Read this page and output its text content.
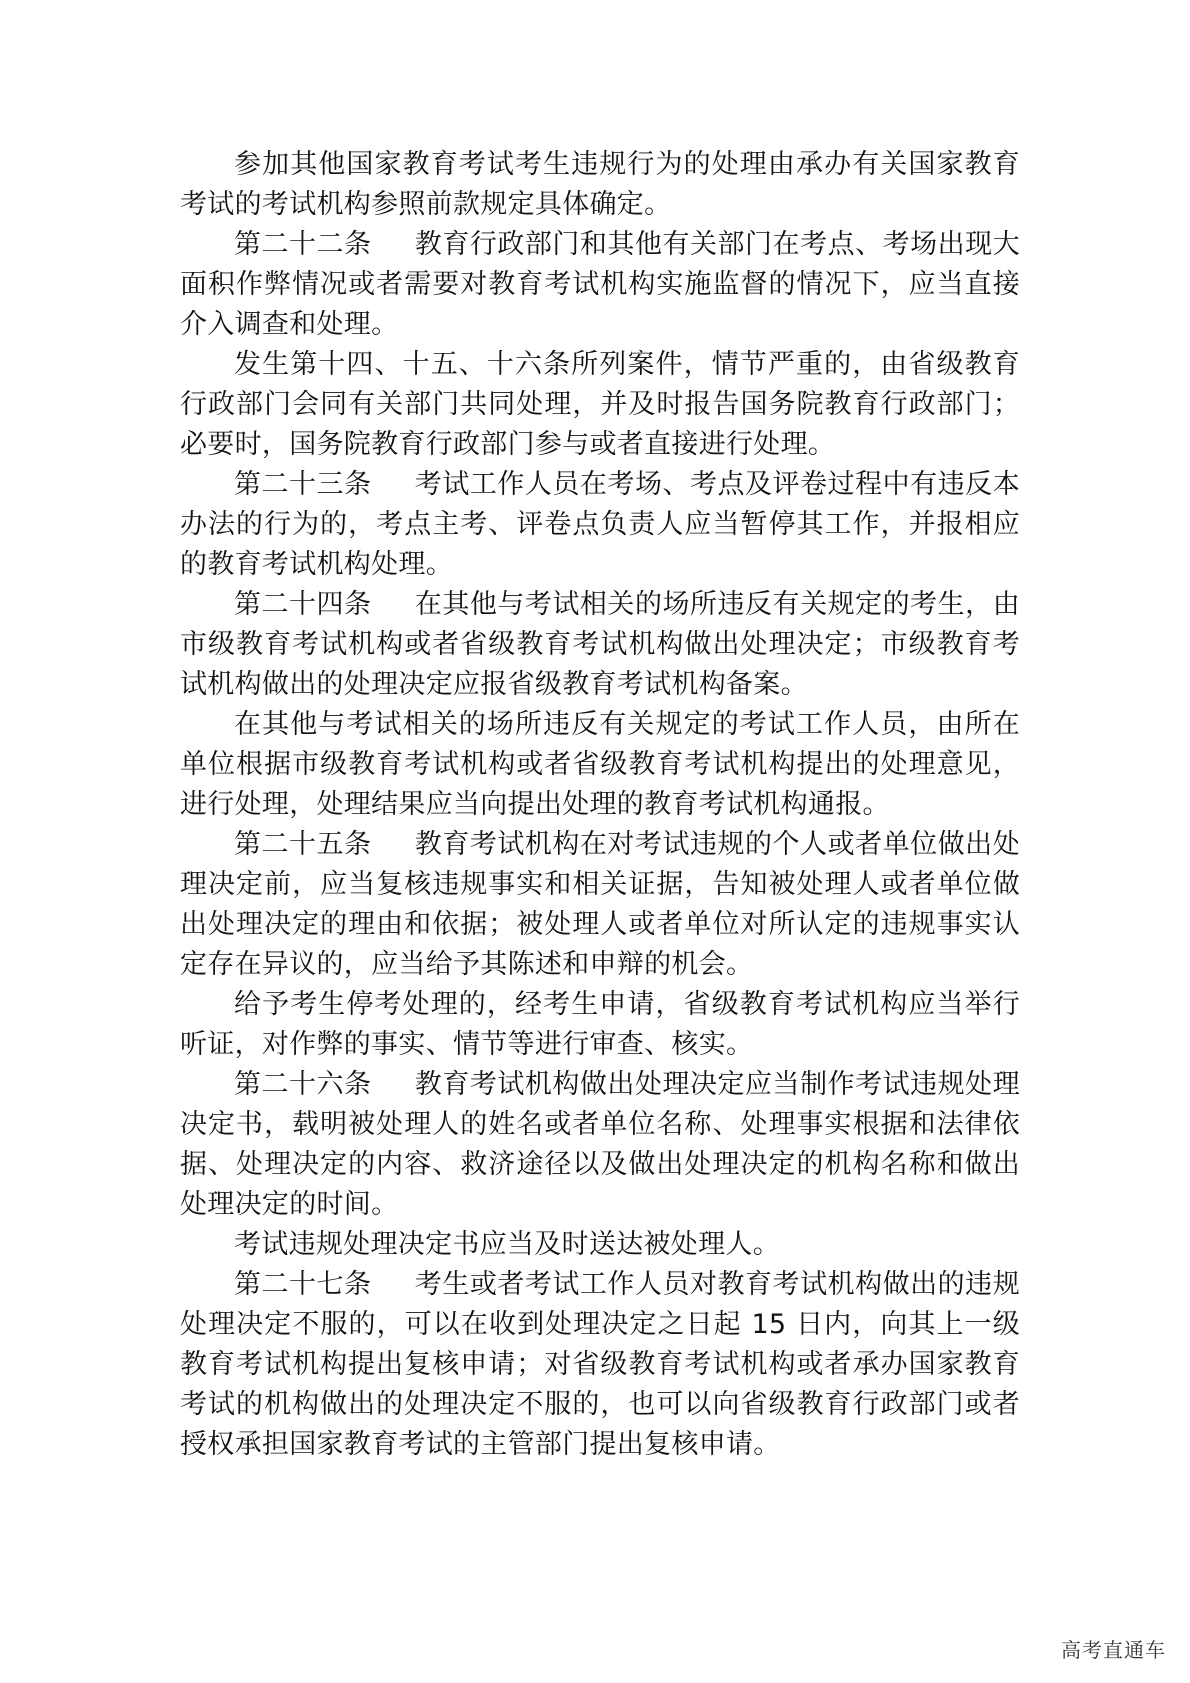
参加其他国家教育考试考生违规行为的处理由承办有关国家教育考试的考试机构参照前款规定具体确定。

第二十二条 教育行政部门和其他有关部门在考点、考场出现大面积作弊情况或者需要对教育考试机构实施监督的情况下，应当直接介入调查和处理。

发生第十四、十五、十六条所列案件，情节严重的，由省级教育行政部门会同有关部门共同处理，并及时报告国务院教育行政部门；必要时，国务院教育行政部门参与或者直接进行处理。

第二十三条 考试工作人员在考场、考点及评卷过程中有违反本办法的行为的，考点主考、评卷点负责人应当暂停其工作，并报相应的教育考试机构处理。

第二十四条 在其他与考试相关的场所违反有关规定的考生，由市级教育考试机构或者省级教育考试机构做出处理决定；市级教育考试机构做出的处理决定应报省级教育考试机构备案。

在其他与考试相关的场所违反有关规定的考试工作人员，由所在单位根据市级教育考试机构或者省级教育考试机构提出的处理意见，进行处理，处理结果应当向提出处理的教育考试机构通报。

第二十五条 教育考试机构在对考试违规的个人或者单位做出处理决定前，应当复核违规事实和相关证据，告知被处理人或者单位做出处理决定的理由和依据；被处理人或者单位对所认定的违规事实认定存在异议的，应当给予其陈述和申辩的机会。

给予考生停考处理的，经考生申请，省级教育考试机构应当举行听证，对作弊的事实、情节等进行审查、核实。

第二十六条 教育考试机构做出处理决定应当制作考试违规处理决定书，载明被处理人的姓名或者单位名称、处理事实根据和法律依据、处理决定的内容、救济途径以及做出处理决定的机构名称和做出处理决定的时间。

考试违规处理决定书应当及时送达被处理人。

第二十七条 考生或者考试工作人员对教育考试机构做出的违规处理决定不服的，可以在收到处理决定之日起 15 日内，向其上一级教育考试机构提出复核申请；对省级教育考试机构或者承办国家教育考试的机构做出的处理决定不服的，也可以向省级教育行政部门或者授权承担国家教育考试的主管部门提出复核申请。

高考直通车
